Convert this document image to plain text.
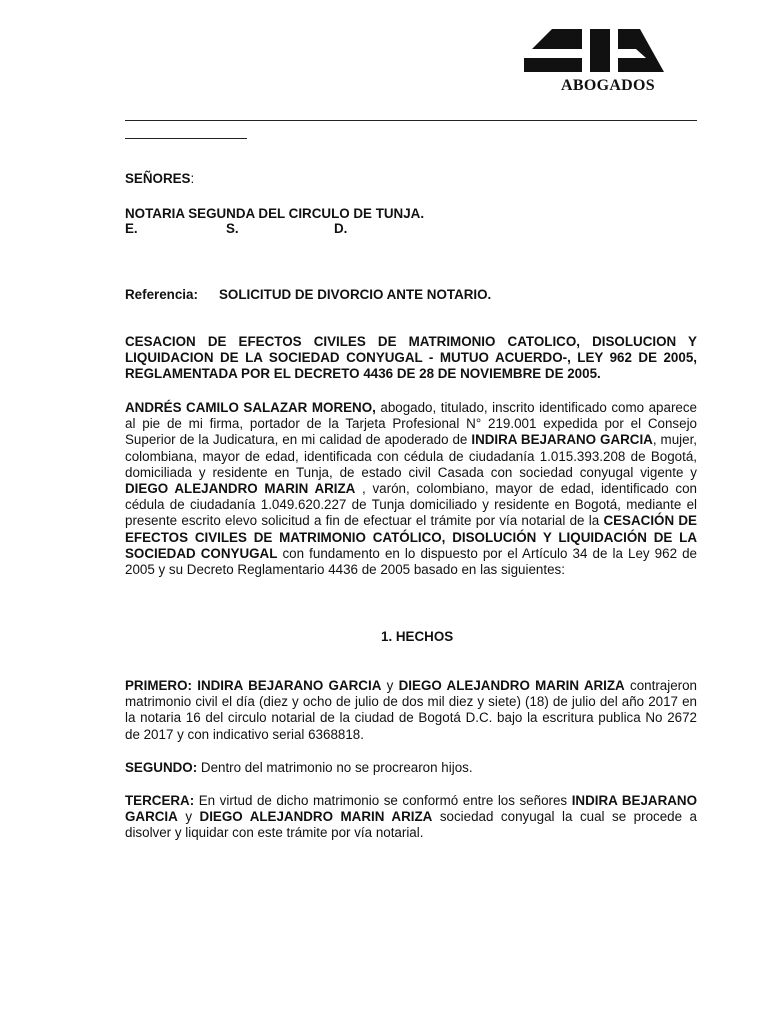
ABOGADOS
SEÑORES:
NOTARIA SEGUNDA DEL CIRCULO DE TUNJA.
E.	S.	D.
Referencia: SOLICITUD DE DIVORCIO ANTE NOTARIO.
CESACION DE EFECTOS CIVILES DE MATRIMONIO CATOLICO, DISOLUCION Y LIQUIDACION DE LA SOCIEDAD CONYUGAL - MUTUO ACUERDO-, LEY 962 DE 2005, REGLAMENTADA POR EL DECRETO 4436 DE 28 DE NOVIEMBRE DE 2005.
ANDRÉS CAMILO SALAZAR MORENO, abogado, titulado, inscrito identificado como aparece al pie de mi firma, portador de la Tarjeta Profesional N° 219.001 expedida por el Consejo Superior de la Judicatura, en mi calidad de apoderado de INDIRA BEJARANO GARCIA, mujer, colombiana, mayor de edad, identificada con cédula de ciudadanía 1.015.393.208 de Bogotá, domiciliada y residente en Tunja, de estado civil Casada con sociedad conyugal vigente y DIEGO ALEJANDRO MARIN ARIZA , varón, colombiano, mayor de edad, identificado con cédula de ciudadanía 1.049.620.227 de Tunja domiciliado y residente en Bogotá, mediante el presente escrito elevo solicitud a fin de efectuar el trámite por vía notarial de la CESACIÓN DE EFECTOS CIVILES DE MATRIMONIO CATÓLICO, DISOLUCIÓN Y LIQUIDACIÓN DE LA SOCIEDAD CONYUGAL con fundamento en lo dispuesto por el Artículo 34 de la Ley 962 de 2005 y su Decreto Reglamentario 4436 de 2005 basado en las siguientes:
1. HECHOS
PRIMERO: INDIRA BEJARANO GARCIA y DIEGO ALEJANDRO MARIN ARIZA contrajeron matrimonio civil el día (diez y ocho de julio de dos mil diez y siete) (18) de julio del año 2017 en la notaria 16 del circulo notarial de la ciudad de Bogotá D.C. bajo la escritura publica No 2672 de 2017 y con indicativo serial 6368818.
SEGUNDO: Dentro del matrimonio no se procrearon hijos.
TERCERA: En virtud de dicho matrimonio se conformó entre los señores INDIRA BEJARANO GARCIA y DIEGO ALEJANDRO MARIN ARIZA sociedad conyugal la cual se procede a disolver y liquidar con este trámite por vía notarial.
